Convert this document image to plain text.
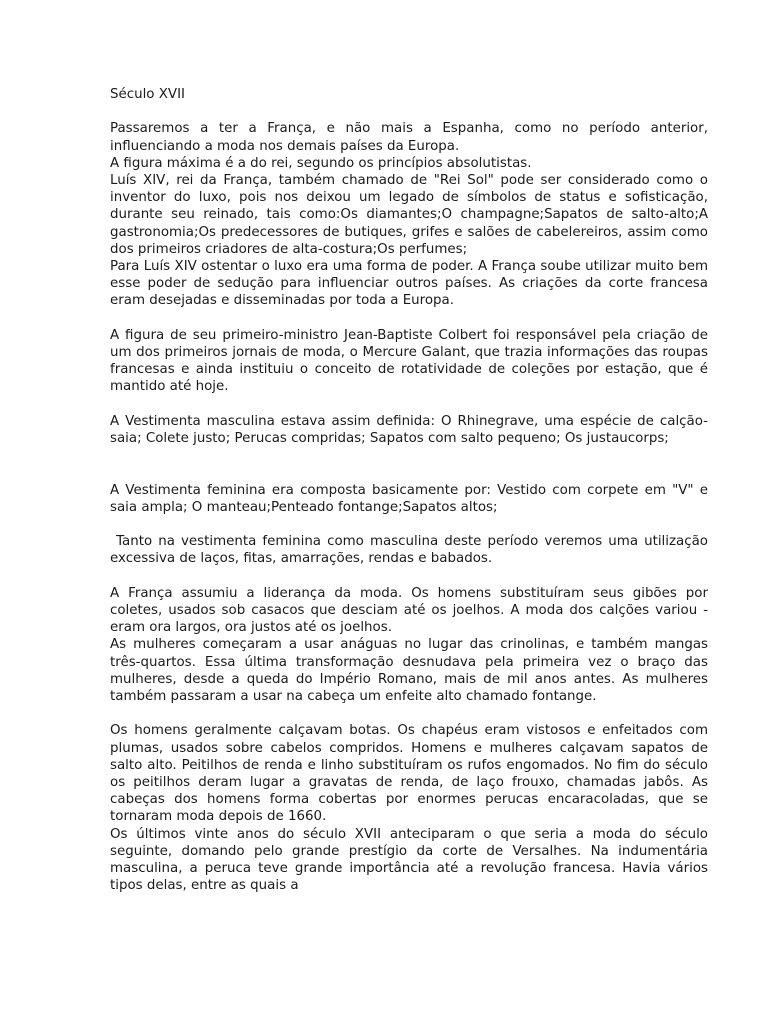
Século XVII

Passaremos a ter a França, e não mais a Espanha, como no período anterior, influenciando a moda nos demais países da Europa.

A figura máxima é a do rei, segundo os princípios absolutistas.

Luís XIV, rei da França, também chamado de "Rei Sol" pode ser considerado como o inventor do luxo, pois nos deixou um legado de símbolos de status e sofisticação, durante seu reinado, tais como:Os diamantes;O champagne;Sapatos de salto-alto;A gastronomia;Os predecessores de butiques, grifes e salões de cabelereiros, assim como dos primeiros criadores de alta-costura;Os perfumes;

Para Luís XIV ostentar o luxo era uma forma de poder. A França soube utilizar muito bem esse poder de sedução para influenciar outros países. As criações da corte francesa eram desejadas e disseminadas por toda a Europa.

A figura de seu primeiro-ministro Jean-Baptiste Colbert foi responsável pela criação de um dos primeiros jornais de moda, o Mercure Galant, que trazia informações das roupas francesas e ainda instituiu o conceito de rotatividade de coleções por estação, que é mantido até hoje.

A Vestimenta masculina estava assim definida: O Rhinegrave, uma espécie de calção-saia; Colete justo; Perucas compridas; Sapatos com salto pequeno; Os justaucorps;

A Vestimenta feminina era composta basicamente por: Vestido com corpete em "V" e saia ampla; O manteau;Penteado fontange;Sapatos altos;

Tanto na vestimenta feminina como masculina deste período veremos uma utilização excessiva de laços, fitas, amarrações, rendas e babados.

A França assumiu a liderança da moda. Os homens substituíram seus gibões por coletes, usados sob casacos que desciam até os joelhos. A moda dos calções variou - eram ora largos, ora justos até os joelhos.

As mulheres começaram a usar anáguas no lugar das crinolinas, e também mangas três-quartos. Essa última transformação desnudava pela primeira vez o braço das mulheres, desde a queda do Império Romano, mais de mil anos antes. As mulheres também passaram a usar na cabeça um enfeite alto chamado fontange.

Os homens geralmente calçavam botas. Os chapéus eram vistosos e enfeitados com plumas, usados sobre cabelos compridos. Homens e mulheres calçavam sapatos de salto alto. Peitilhos de renda e linho substituíram os rufos engomados. No fim do século os peitilhos deram lugar a gravatas de renda, de laço frouxo, chamadas jabôs. As cabeças dos homens forma cobertas por enormes perucas encaracoladas, que se tornaram moda depois de 1660.

Os últimos vinte anos do século XVII anteciparam o que seria a moda do século seguinte, domando pelo grande prestígio da corte de Versalhes. Na indumentária masculina, a peruca teve grande importância até a revolução francesa. Havia vários tipos delas, entre as quais a
